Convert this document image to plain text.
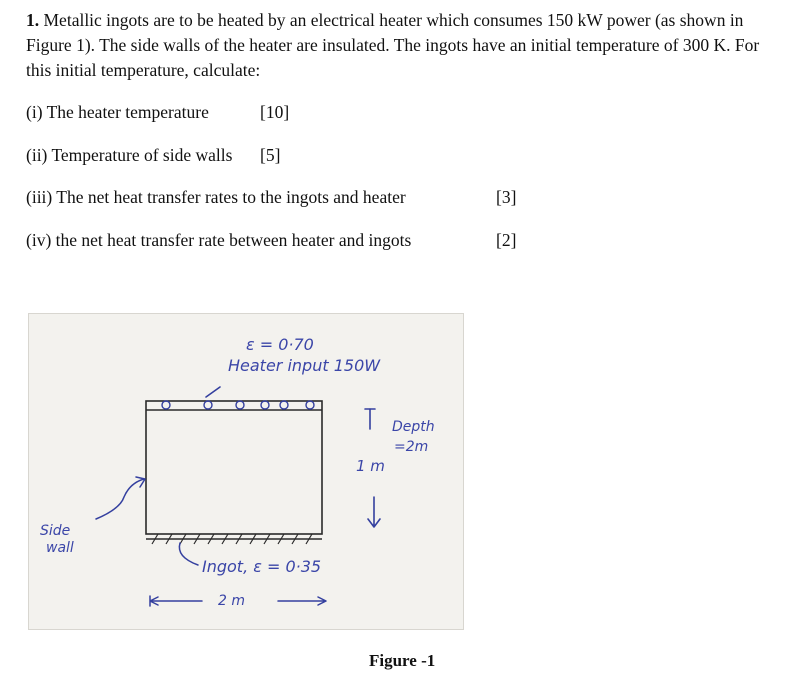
1. Metallic ingots are to be heated by an electrical heater which consumes 150 kW power (as shown in Figure 1). The side walls of the heater are insulated. The ingots have an initial temperature of 300 K. For this initial temperature, calculate:
(i) The heater temperature	[10]
(ii) Temperature of side walls [5]
(iii) The net heat transfer rates to the ingots and heater	[3]
(iv) the net heat transfer rate between heater and ingots	[2]
ε = 0·70
Heater input 150W
1 m
Depth
=2m
Side
wall
Ingot, ε = 0·35
2 m
Figure -1
